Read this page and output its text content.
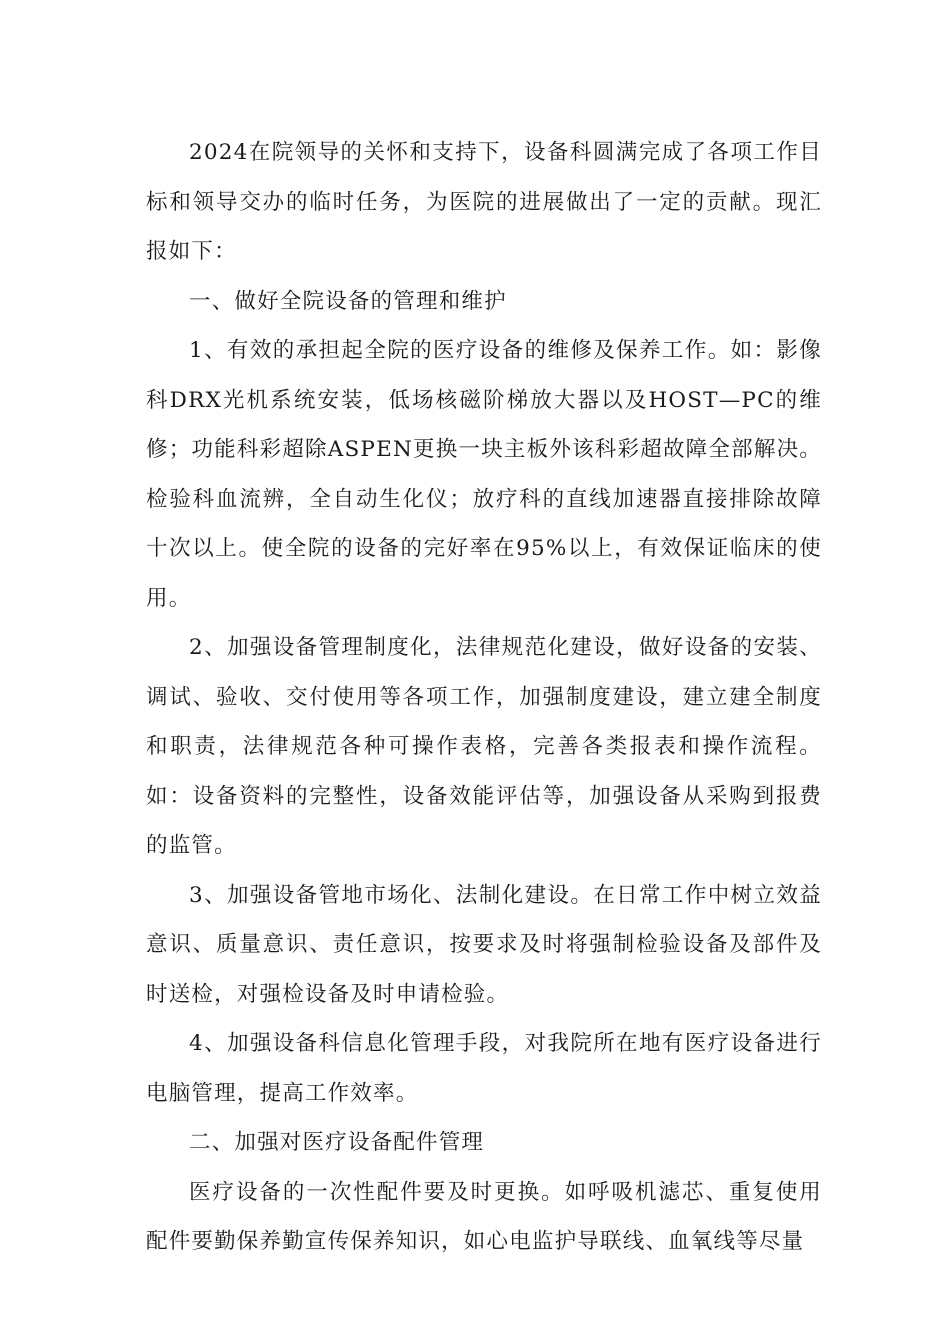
2024在院领导的关怀和支持下，设备科圆满完成了各项工作目标和领导交办的临时任务，为医院的进展做出了一定的贡献。现汇报如下：

一、做好全院设备的管理和维护

1、有效的承担起全院的医疗设备的维修及保养工作。如：影像科DRX光机系统安装，低场核磁阶梯放大器以及HOST—PC的维修；功能科彩超除ASPEN更换一块主板外该科彩超故障全部解决。检验科血流辨，全自动生化仪；放疗科的直线加速器直接排除故障十次以上。使全院的设备的完好率在95%以上，有效保证临床的使用。

2、加强设备管理制度化，法律规范化建设，做好设备的安装、调试、验收、交付使用等各项工作，加强制度建设，建立建全制度和职责，法律规范各种可操作表格，完善各类报表和操作流程。如：设备资料的完整性，设备效能评估等，加强设备从采购到报费的监管。

3、加强设备管地市场化、法制化建设。在日常工作中树立效益意识、质量意识、责任意识，按要求及时将强制检验设备及部件及时送检，对强检设备及时申请检验。

4、加强设备科信息化管理手段，对我院所在地有医疗设备进行电脑管理，提高工作效率。

二、加强对医疗设备配件管理

医疗设备的一次性配件要及时更换。如呼吸机滤芯、重复使用配件要勤保养勤宣传保养知识，如心电监护导联线、血氧线等尽量
